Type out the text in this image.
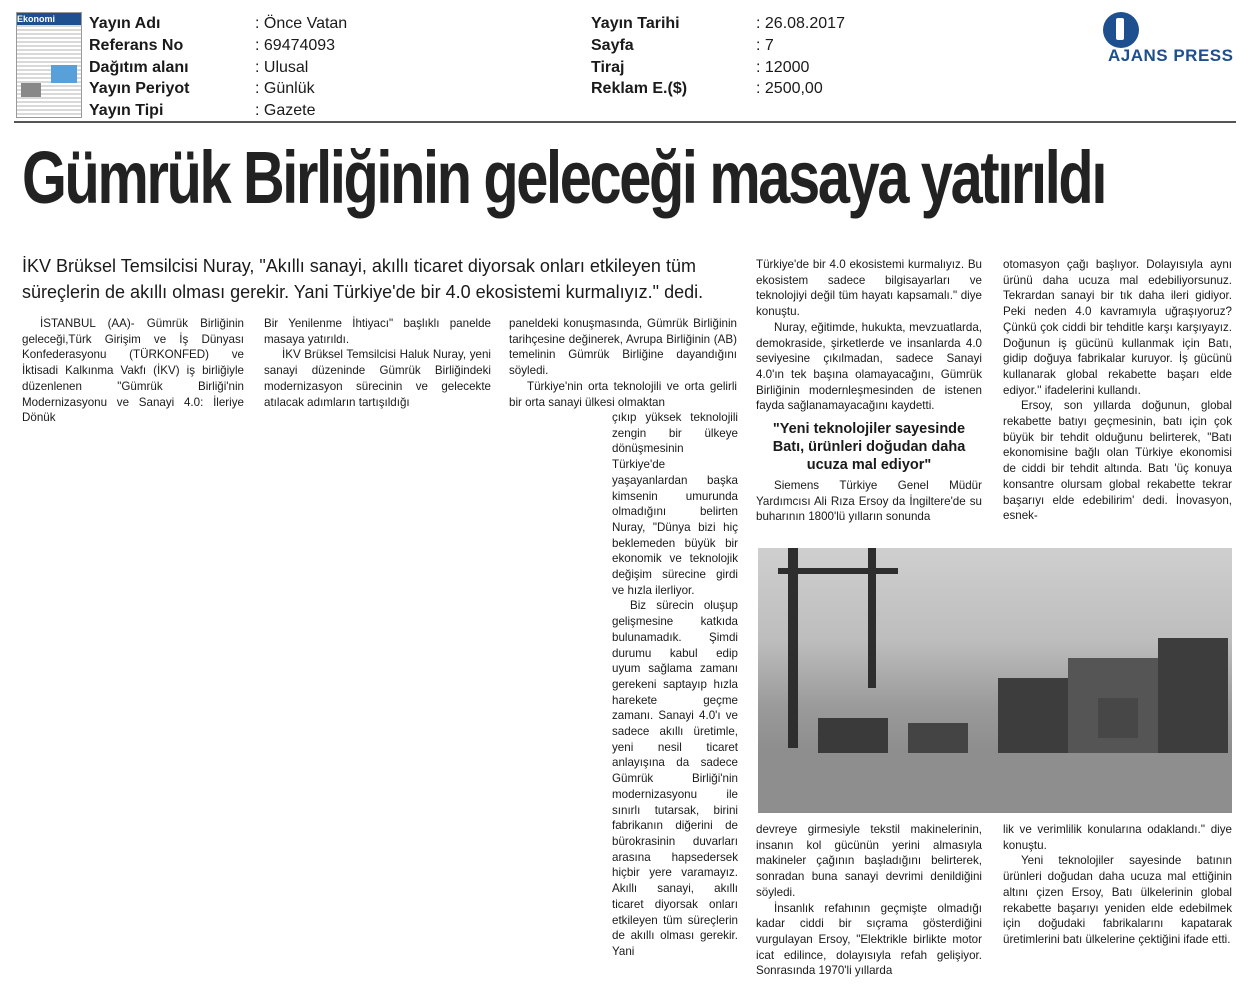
Ekonomi	Yayın Adı	: Önce Vatan
Referans No	: 69474093
Dağıtım alanı	: Ulusal
Yayın Periyot	: Günlük
Yayın Tipi	: Gazete
Yayın Tarihi	: 26.08.2017
Sayfa	: 7
Tiraj	: 12000
Reklam E.($)	: 2500,00
AJANS PRESS
Gümrük Birliğinin geleceği masaya yatırıldı
İKV Brüksel Temsilcisi Nuray, "Akıllı sanayi, akıllı ticaret diyorsak onları etkileyen tüm süreçlerin de akıllı olması gerekir. Yani Türkiye'de bir 4.0 ekosistemi kurmalıyız." dedi.

İSTANBUL (AA)- Gümrük Birliğinin geleceği,Türk Girişim ve İş Dünyası Konfederasyonu (TÜRKONFED) ve İktisadi Kalkınma Vakfı (İKV) iş birliğiyle düzenlenen "Gümrük Birliği'nin Modernizasyonu ve Sanayi 4.0: İleriye Dönük

Bir Yenilenme İhtiyacı" başlıklı panelde masaya yatırıldı.

İKV Brüksel Temsilcisi Haluk Nuray, yeni sanayi düzeninde Gümrük Birliğindeki modernizasyon sürecinin ve gelecekte atılacak adımların tartışıldığı

paneldeki konuşmasında, Gümrük Birliğinin tarihçesine değinerek, Avrupa Birliğinin (AB) temelinin Gümrük Birliğine dayandığını söyledi.

Türkiye'nin orta teknolojili ve orta gelirli bir orta sanayi ülkesi olmaktan

çıkıp yüksek teknolojili zengin bir ülkeye dönüşmesinin Türkiye'de yaşayanlardan başka kimsenin umurunda olmadığını belirten Nuray, "Dünya bizi hiç beklemeden büyük bir ekonomik ve teknolojik değişim sürecine girdi ve hızla ilerliyor.

Biz sürecin oluşup gelişmesine katkıda bulunamadık. Şimdi durumu kabul edip uyum sağlama zamanı gerekeni saptayıp hızla harekete geçme zamanı. Sanayi 4.0'ı ve sadece akıllı üretimle, yeni nesil ticaret anlayışına da sadece Gümrük Birliği'nin modernizasyonu ile sınırlı tutarsak, birini fabrikanın diğerini de bürokrasinin duvarları arasına hapsedersek hiçbir yere varamayız. Akıllı sanayi, akıllı ticaret diyorsak onları etkileyen tüm süreçlerin de akıllı olması gerekir. Yani

Türkiye'de bir 4.0 ekosistemi kurmalıyız. Bu ekosistem sadece bilgisayarları ve teknolojiyi değil tüm hayatı kapsamalı." diye konuştu.

Nuray, eğitimde, hukukta, mevzuatlarda, demokraside, şirketlerde ve insanlarda 4.0 seviyesine çıkılmadan, sadece Sanayi 4.0'ın tek başına olamayacağını, Gümrük Birliğinin modernleşmesinden de istenen fayda sağlanamayacağını kaydetti.

"Yeni teknolojiler sayesinde Batı, ürünleri doğudan daha ucuza mal ediyor"

Siemens Türkiye Genel Müdür Yardımcısı Ali Rıza Ersoy da İngiltere'de su buharının 1800'lü yılların sonunda

otomasyon çağı başlıyor. Dolayısıyla aynı ürünü daha ucuza mal edebiliyorsunuz. Tekrardan sanayi bir tık daha ileri gidiyor. Peki neden 4.0 kavramıyla uğraşıyoruz? Çünkü çok ciddi bir tehditle karşı karşıyayız. Doğunun iş gücünü kullanmak için Batı, gidip doğuya fabrikalar kuruyor. İş gücünü kullanarak global rekabette başarı elde ediyor.'' ifadelerini kullandı.

Ersoy, son yıllarda doğunun, global rekabette batıyı geçmesinin, batı için çok büyük bir tehdit olduğunu belirterek, "Batı ekonomisine bağlı olan Türkiye ekonomisi de ciddi bir tehdit altında. Batı 'üç konuya konsantre olursam global rekabette tekrar başarıyı elde edebilirim' dedi. İnovasyon, esnek-

devreye girmesiyle tekstil makinelerinin, insanın kol gücünün yerini almasıyla makineler çağının başladığını belirterek, sonradan buna sanayi devrimi denildiğini söyledi.

İnsanlık refahının geçmişte olmadığı kadar ciddi bir sıçrama gösterdiğini vurgulayan Ersoy, "Elektrikle birlikte motor icat edilince, dolayısıyla refah gelişiyor. Sonrasında 1970'li yıllarda

lik ve verimlilik konularına odaklandı.'' diye konuştu.

Yeni teknolojiler sayesinde batının ürünleri doğudan daha ucuza mal ettiğinin altını çizen Ersoy, Batı ülkelerinin global rekabette başarıyı yeniden elde edebilmek için doğudaki fabrikalarını kapatarak üretimlerini batı ülkelerine çektiğini ifade etti.
